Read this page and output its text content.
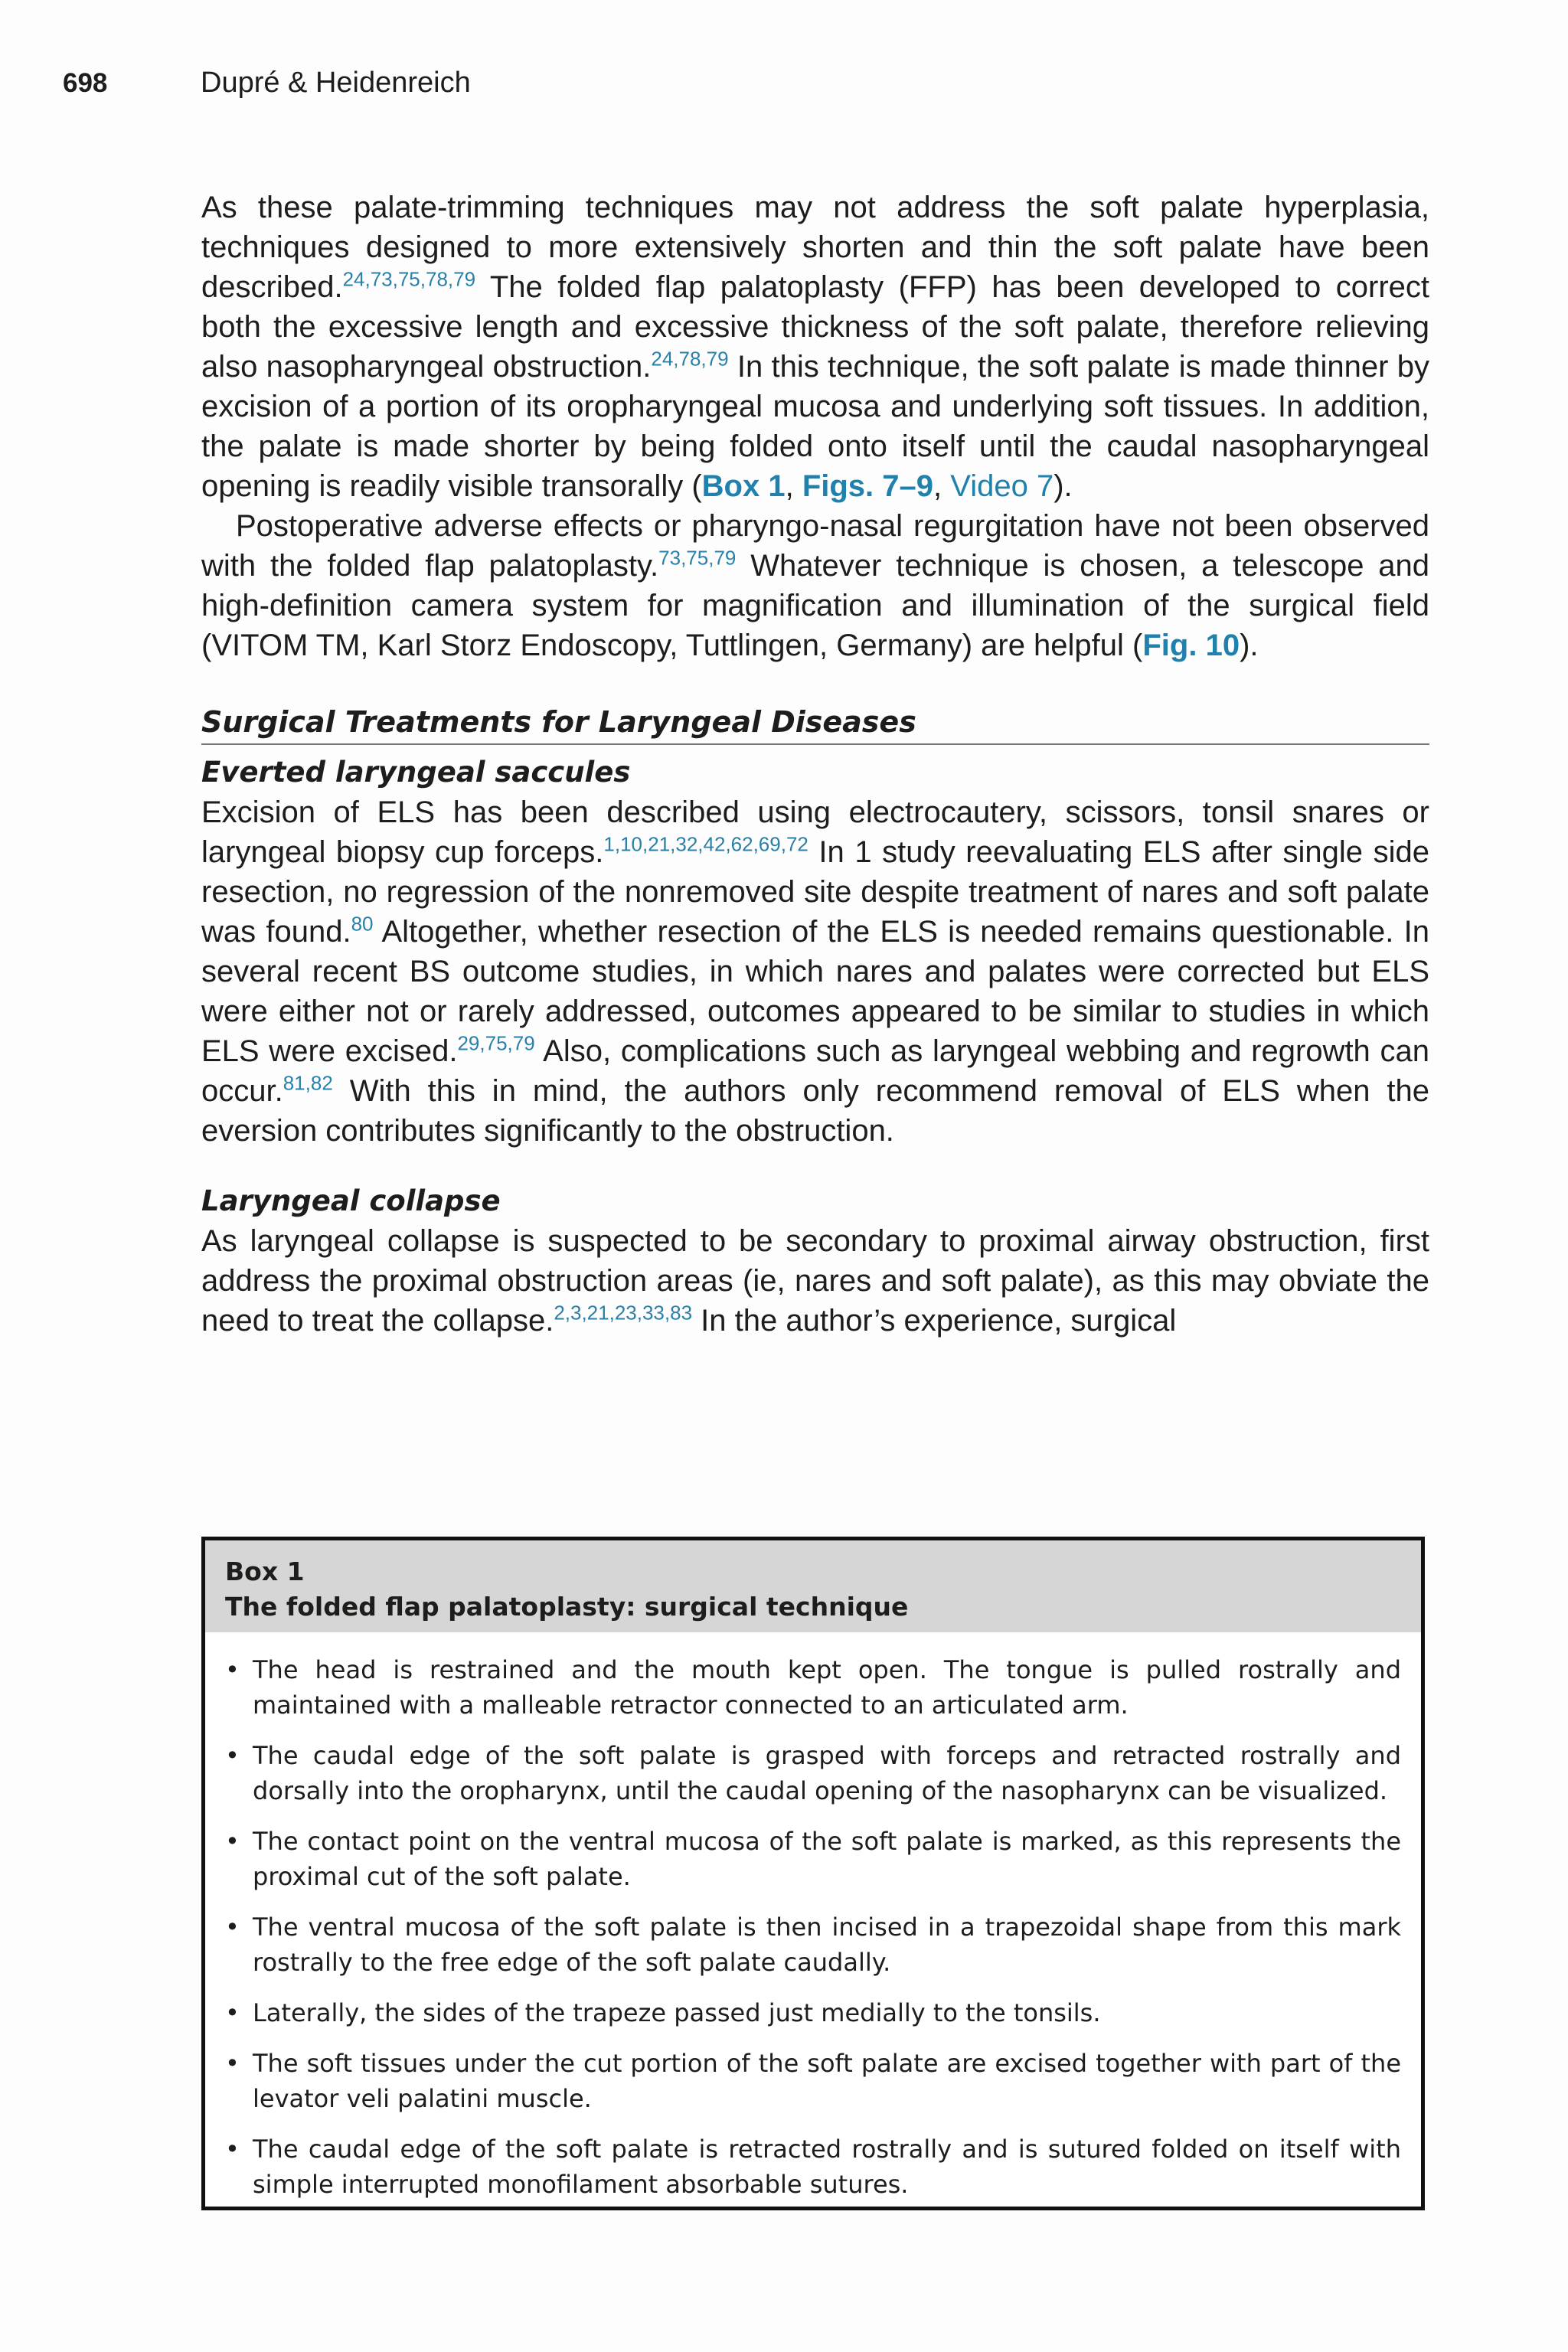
698	Dupré & Heidenreich

As these palate-trimming techniques may not address the soft palate hyperplasia, techniques designed to more extensively shorten and thin the soft palate have been described.$^{24,73,75,78,79}$ The folded flap palatoplasty (FFP) has been developed to correct both the excessive length and excessive thickness of the soft palate, therefore relieving also nasopharyngeal obstruction.$^{24,78,79}$ In this technique, the soft palate is made thinner by excision of a portion of its oropharyngeal mucosa and underlying soft tissues. In addition, the palate is made shorter by being folded onto itself until the caudal nasopharyngeal opening is readily visible transorally (Box 1, Figs. 7–9, Video 7).

Postoperative adverse effects or pharyngo-nasal regurgitation have not been observed with the folded flap palatoplasty.$^{73,75,79}$ Whatever technique is chosen, a telescope and high-definition camera system for magnification and illumination of the surgical field (VITOM TM, Karl Storz Endoscopy, Tuttlingen, Germany) are helpful (Fig. 10).

Surgical Treatments for Laryngeal Diseases
Everted laryngeal saccules

Excision of ELS has been described using electrocautery, scissors, tonsil snares or laryngeal biopsy cup forceps.$^{1,10,21,32,42,62,69,72}$ In 1 study reevaluating ELS after single side resection, no regression of the nonremoved site despite treatment of nares and soft palate was found.$^{80}$ Altogether, whether resection of the ELS is needed remains questionable. In several recent BS outcome studies, in which nares and palates were corrected but ELS were either not or rarely addressed, outcomes appeared to be similar to studies in which ELS were excised.$^{29,75,79}$ Also, complications such as laryngeal webbing and regrowth can occur.$^{81,82}$ With this in mind, the authors only recommend removal of ELS when the eversion contributes significantly to the obstruction.

Laryngeal collapse

As laryngeal collapse is suspected to be secondary to proximal airway obstruction, first address the proximal obstruction areas (ie, nares and soft palate), as this may obviate the need to treat the collapse.$^{2,3,21,23,33,83}$ In the author’s experience, surgical

Box 1
The folded flap palatoplasty: surgical technique
• The head is restrained and the mouth kept open. The tongue is pulled rostrally and maintained with a malleable retractor connected to an articulated arm.
• The caudal edge of the soft palate is grasped with forceps and retracted rostrally and dorsally into the oropharynx, until the caudal opening of the nasopharynx can be visualized.
• The contact point on the ventral mucosa of the soft palate is marked, as this represents the proximal cut of the soft palate.
• The ventral mucosa of the soft palate is then incised in a trapezoidal shape from this mark rostrally to the free edge of the soft palate caudally.
• Laterally, the sides of the trapeze passed just medially to the tonsils.
• The soft tissues under the cut portion of the soft palate are excised together with part of the levator veli palatini muscle.
• The caudal edge of the soft palate is retracted rostrally and is sutured folded on itself with simple interrupted monofilament absorbable sutures.
